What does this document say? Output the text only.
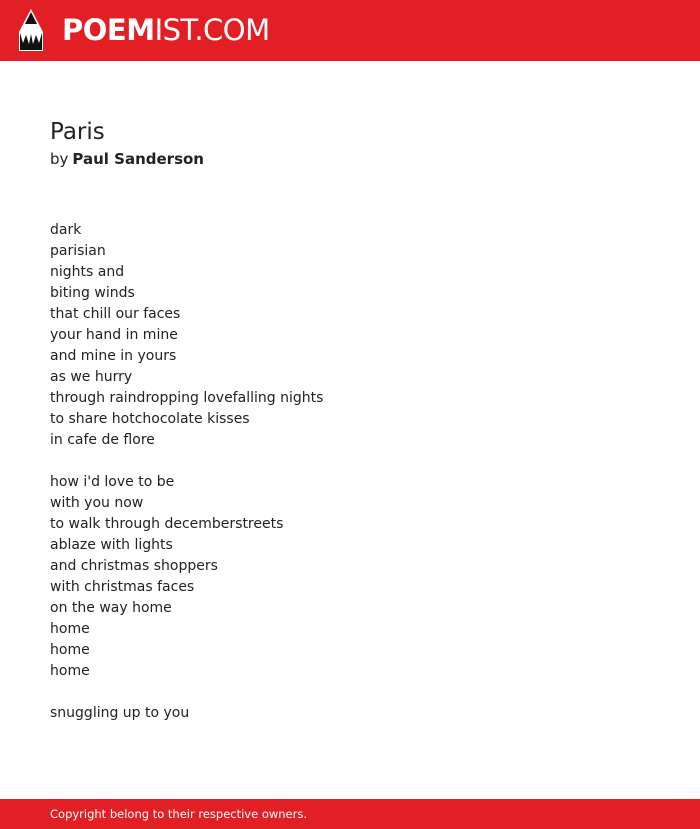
POEMIST.COM
Paris

by Paul Sanderson

dark
parisian
nights and
biting winds
that chill our faces
your hand in mine
and mine in yours
as we hurry
through raindropping lovefalling nights
to share hotchocolate kisses
in cafe de flore
how i'd love to be
with you now
to walk through decemberstreets
ablaze with lights
and christmas shoppers
with christmas faces
on the way home
home
home
home
snuggling up to you
Copyright belong to their respective owners.
